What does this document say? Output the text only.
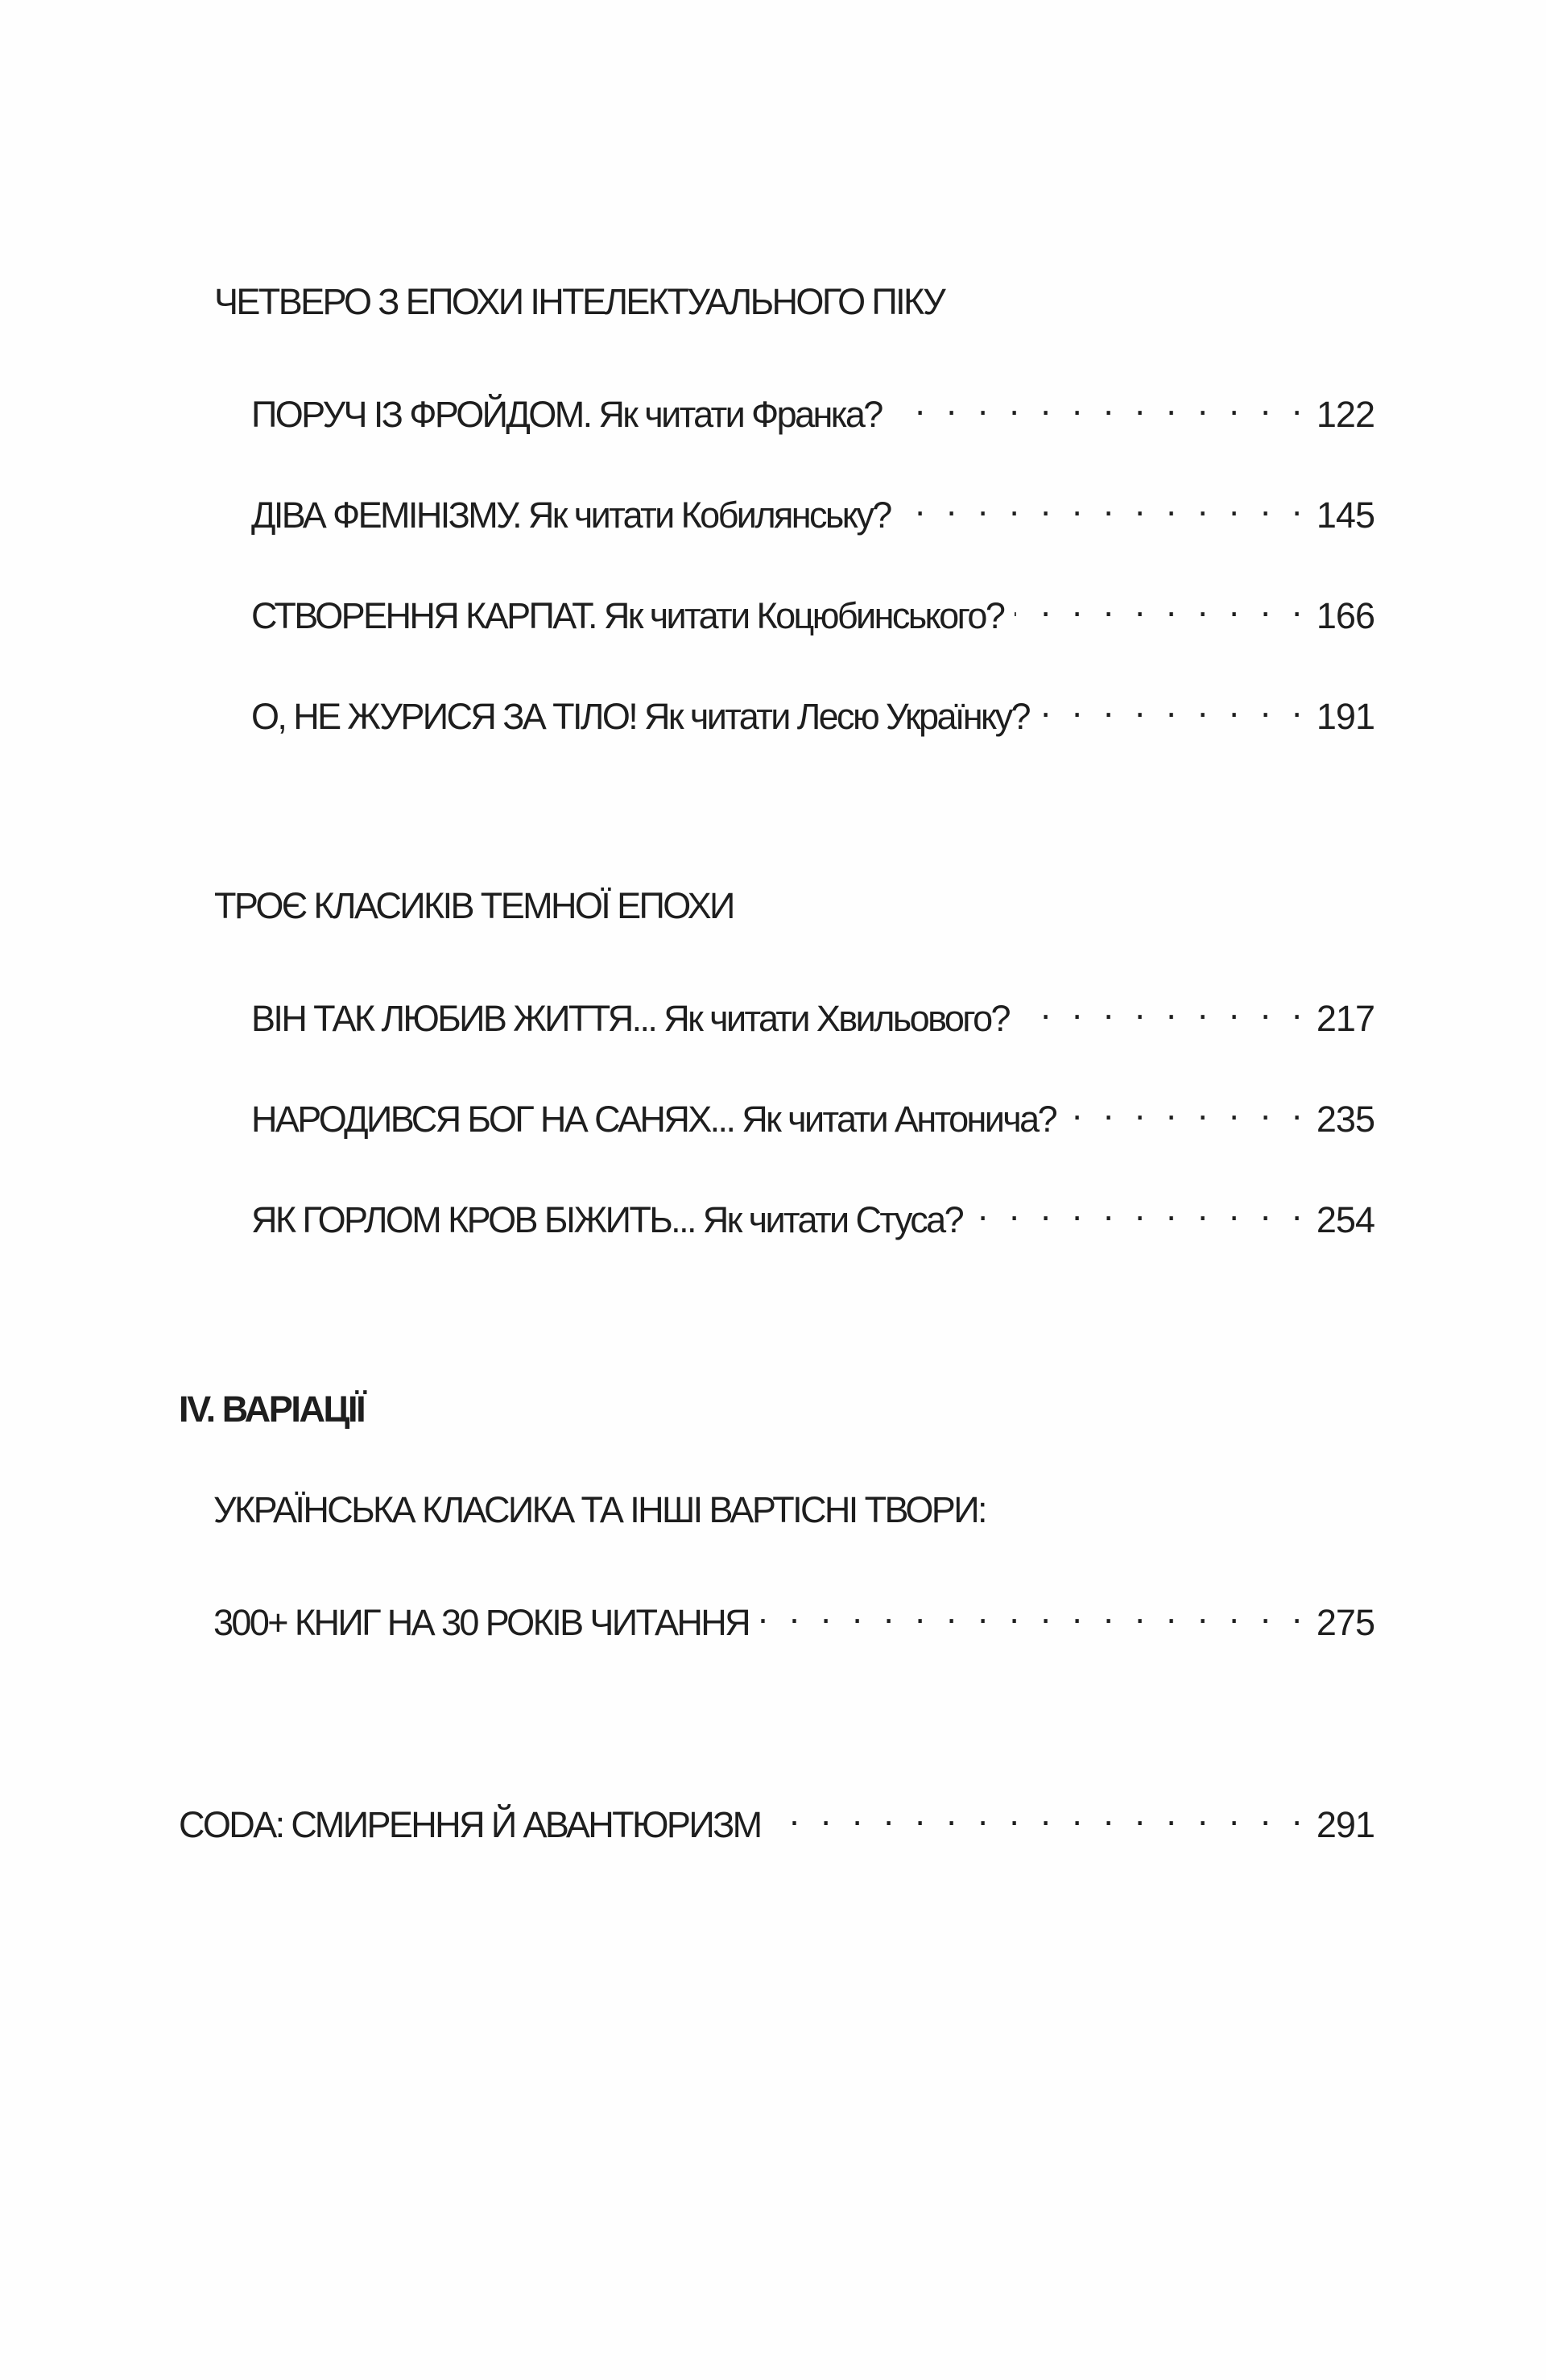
ЧЕТВЕРО З ЕПОХИ ІНТЕЛЕКТУАЛЬНОГО ПІКУ
ПОРУЧ ІЗ ФРОЙДОМ. Як читати Франка? . . .	122
ДІВА ФЕМІНІЗМУ. Як читати Кобилянську? . . .	145
СТВОРЕННЯ КАРПАТ. Як читати Коцюбинського? . . .	166
О, НЕ ЖУРИСЯ ЗА ТІЛО! Як читати Лесю Українку? . . .	191
ТРОЄ КЛАСИКІВ ТЕМНОЇ ЕПОХИ
ВІН ТАК ЛЮБИВ ЖИТТЯ... Як читати Хвильового? . . .	217
НАРОДИВСЯ БОГ НА САНЯХ... Як читати Антонича? . . .	235
ЯК ГОРЛОМ КРОВ БІЖИТЬ... Як читати Стуса? . . .	254
IV. ВАРІАЦІЇ
УКРАЇНСЬКА КЛАСИКА ТА ІНШІ ВАРТІСНІ ТВОРИ:
300+ КНИГ НА 30 РОКІВ ЧИТАННЯ . . .	275
CODA: СМИРЕННЯ Й АВАНТЮРИЗМ . . .	291
